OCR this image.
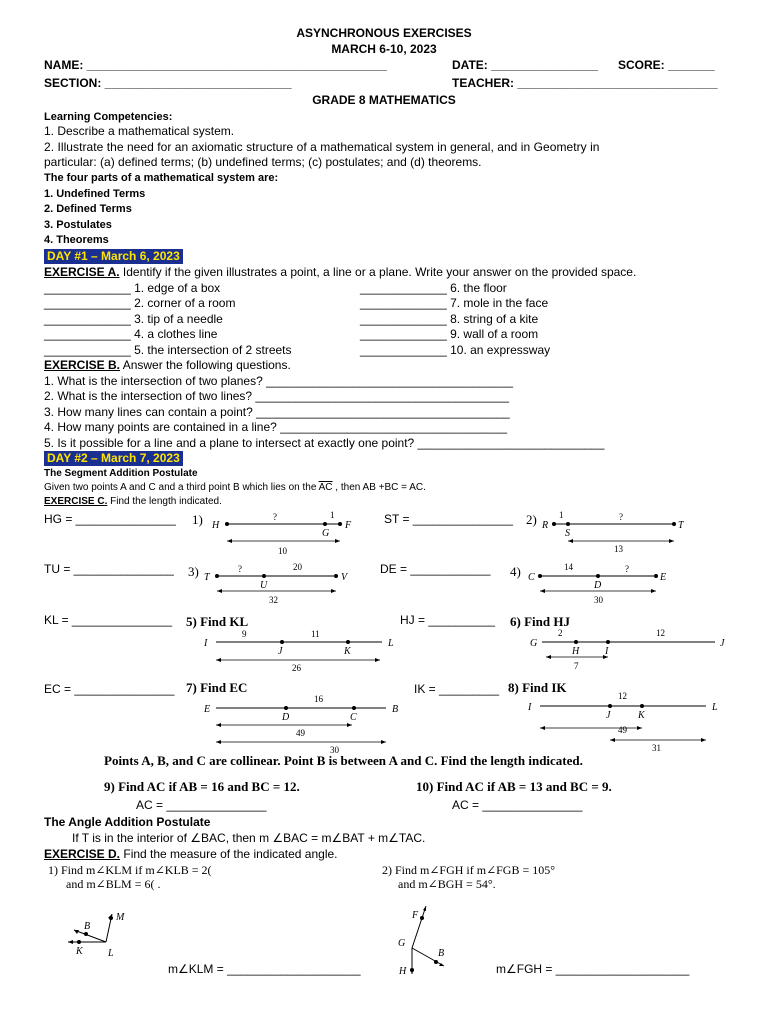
ASYNCHRONOUS EXERCISES
MARCH 6-10, 2023
NAME: _____________________________________________	DATE: ________________ SCORE: _______
SECTION: ____________________________	TEACHER: ______________________________
GRADE 8 MATHEMATICS
Learning Competencies:
1. Describe a mathematical system.
2. Illustrate the need for an axiomatic structure of a mathematical system in general, and in Geometry in
particular: (a) defined terms; (b) undefined terms; (c) postulates; and (d) theorems.
The four parts of a mathematical system are:
1. Undefined Terms
2. Defined Terms
3. Postulates
4. Theorems
DAY #1 – March 6, 2023
EXERCISE A. Identify if the given illustrates a point, a line or a plane. Write your answer on the provided space.
_____________ 1. edge of a box
_____________ 2. corner of a room
_____________ 3. tip of a needle
_____________ 4. a clothes line
_____________ 5. the intersection of 2 streets
_____________ 6. the floor
_____________ 7. mole in the face
_____________ 8. string of a kite
_____________ 9. wall of a room
_____________ 10. an expressway
EXERCISE B. Answer the following questions.
1. What is the intersection of two planes? _____________________________________
2. What is the intersection of two lines? ______________________________________
3. How many lines can contain a point? ______________________________________
4. How many points are contained in a line? __________________________________
5. Is it possible for a line and a plane to intersect at exactly one point? ____________________________
DAY #2 – March 7, 2023
The Segment Addition Postulate
Given two points A and C and a third point B which lies on the $\overline{AC}$ , then AB +BC = AC.
EXERCISE C. Find the length indicated.
HG = _______________	ST = _______________
TU = _______________	DE = ____________
KL = _______________	HJ = __________
EC = _______________	IK = _________
1) H	F
G
?	1
10
2) R	T
S
1	?
13
3) T	V
U
?	20
32
4) C	E
D
14	?
30
5) Find KL
I	L
J	K
9	11
26
6) Find HJ
G	J
H	I
2	12
7
7) Find EC
E	B
D	C
16
49
30
8) Find IK
I	L
J	K
12
49
31
Points A, B, and C are collinear. Point B is between A and C. Find the length indicated.
9) Find AC if AB = 16 and BC = 12.	10) Find AC if AB = 13 and BC = 9.
AC = _______________	AC = _______________
The Angle Addition Postulate
If T is in the interior of ∠BAC, then m ∠BAC = m∠BAT + m∠TAC.
EXERCISE D. Find the measure of the indicated angle.
1) Find m∠KLM if m∠KLB = 2(
and m∠BLM = 6( .
2) Find m∠FGH if m∠FGB = 105°
and m∠BGH = 54°.
K	L
B
M	F
G
H
B
m∠KLM = ____________________	m∠FGH = ____________________
